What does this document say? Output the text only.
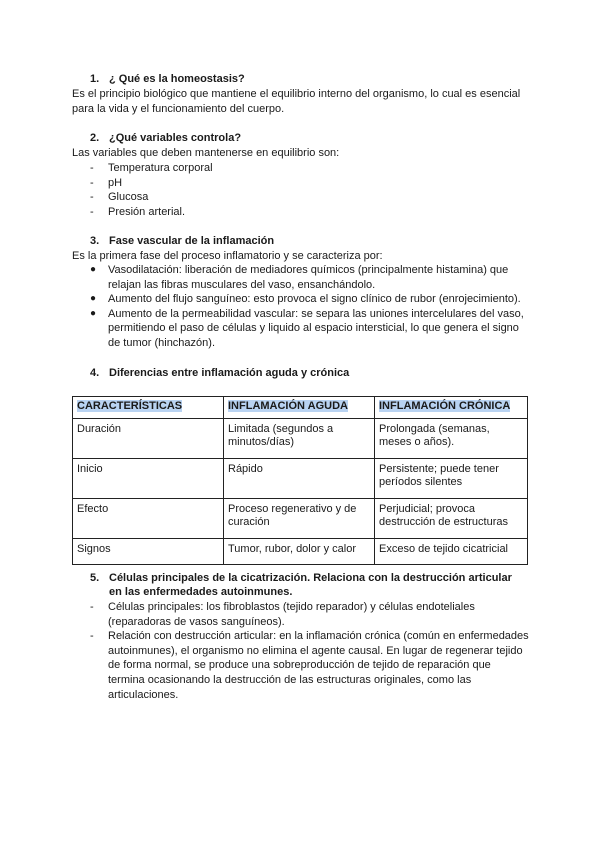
1. ¿ Qué es la homeostasis?
Es el principio biológico que mantiene el equilibrio interno del organismo, lo cual es esencial para la vida y el funcionamiento del cuerpo.
2. ¿Qué variables controla?
Las variables que deben mantenerse en equilibrio son:
- Temperatura corporal
- pH
- Glucosa
- Presión arterial.
3. Fase vascular de la inflamación
Es la primera fase del proceso inflamatorio y se caracteriza por:
● Vasodilatación: liberación de mediadores químicos (principalmente histamina) que relajan las fibras musculares del vaso, ensanchándolo.
● Aumento del flujo sanguíneo: esto provoca el signo clínico de rubor (enrojecimiento).
● Aumento de la permeabilidad vascular: se separa las uniones intercelulares del vaso, permitiendo el paso de células y liquido al espacio intersticial, lo que genera el signo de tumor (hinchazón).
4. Diferencias entre inflamación aguda y crónica
CARACTERÍSTICAS	INFLAMACIÓN AGUDA	INFLAMACIÓN CRÓNICA
Duración	Limitada (segundos a minutos/días)	Prolongada (semanas, meses o años).
Inicio	Rápido	Persistente; puede tener períodos silentes
Efecto	Proceso regenerativo y de curación	Perjudicial; provoca destrucción de estructuras
Signos	Tumor, rubor, dolor y calor	Exceso de tejido cicatricial
5. Células principales de la cicatrización. Relaciona con la destrucción articular
en las enfermedades autoinmunes.
- Células principales: los fibroblastos (tejido reparador) y células endoteliales (reparadoras de vasos sanguíneos).
- Relación con destrucción articular: en la inflamación crónica (común en enfermedades autoinmunes), el organismo no elimina el agente causal. En lugar de regenerar tejido de forma normal, se produce una sobreproducción de tejido de reparación que termina ocasionando la destrucción de las estructuras originales, como las articulaciones.
